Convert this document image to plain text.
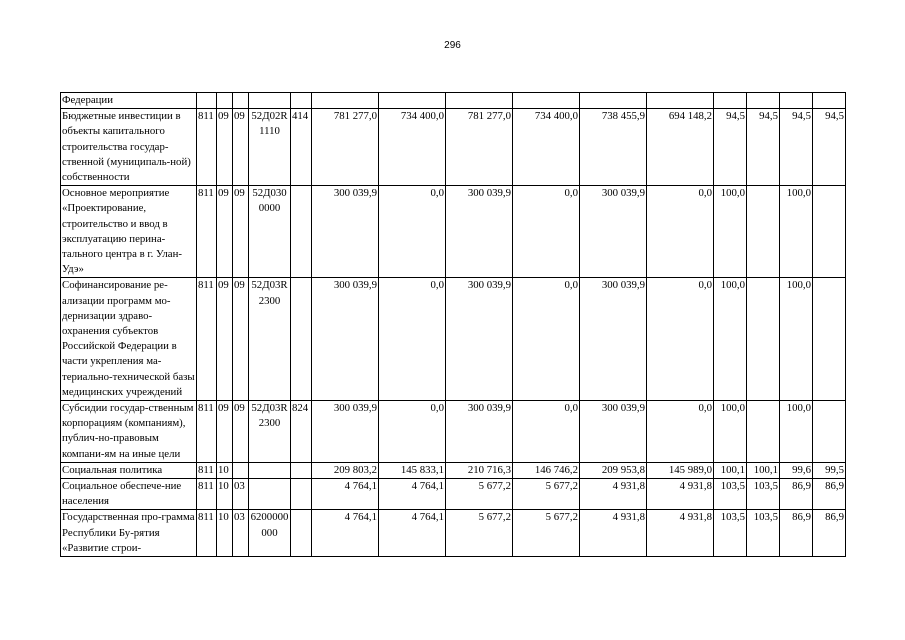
296
Федерации															
Бюджетные инвестиции в объекты капитального строительства государ-ственной (муниципаль-ной) собственности	811	09	09	52Д02R 1110	414	781 277,0	734 400,0	781 277,0	734 400,0	738 455,9	694 148,2	94,5	94,5	94,5	94,5
Основное мероприятие «Проектирование, строительство и ввод в эксплуатацию перина-тального центра в г. Улан-Удэ»	811	09	09	52Д030 0000		300 039,9	0,0	300 039,9	0,0	300 039,9	0,0	100,0		100,0	
Софинансирование ре-ализации программ мо-дернизации здраво-охранения субъектов Российской Федерации в части укрепления ма-териально-технической базы медицинских учреждений	811	09	09	52Д03R 2300		300 039,9	0,0	300 039,9	0,0	300 039,9	0,0	100,0		100,0	
Субсидии государ-ственным корпорациям (компаниям), публич-но-правовым компани-ям на иные цели	811	09	09	52Д03R 2300	824	300 039,9	0,0	300 039,9	0,0	300 039,9	0,0	100,0		100,0	
Социальная политика	811	10				209 803,2	145 833,1	210 716,3	146 746,2	209 953,8	145 989,0	100,1	100,1	99,6	99,5
Социальное обеспече-ние населения	811	10	03			4 764,1	4 764,1	5 677,2	5 677,2	4 931,8	4 931,8	103,5	103,5	86,9	86,9
Государственная про-грамма Республики Бу-рятия «Развитие строи-	811	10	03	6200000 000		4 764,1	4 764,1	5 677,2	5 677,2	4 931,8	4 931,8	103,5	103,5	86,9	86,9
